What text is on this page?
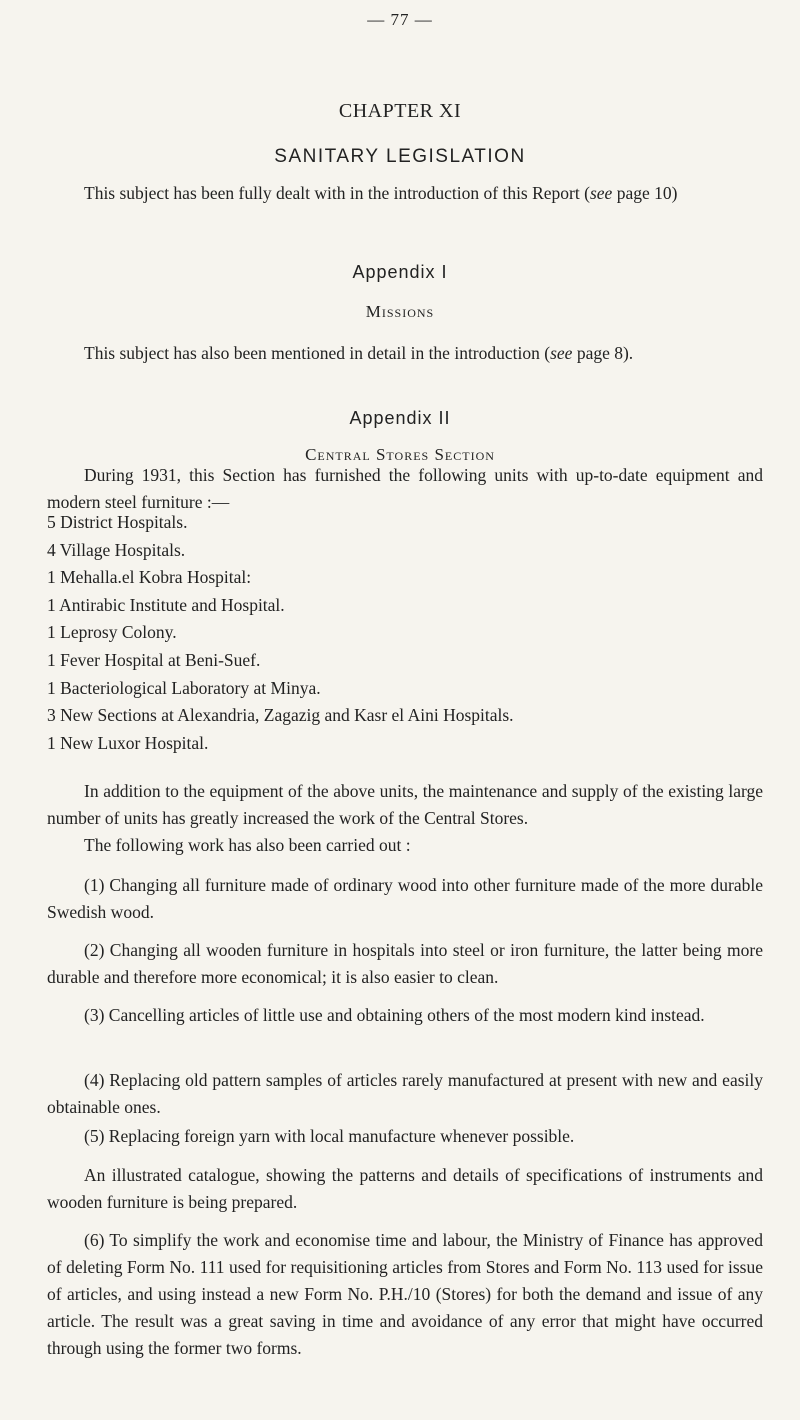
— 77 —
CHAPTER XI
SANITARY LEGISLATION

This subject has been fully dealt with in the introduction of this Report (see page 10)

Appendix I
Missions

This subject has also been mentioned in detail in the introduction (see page 8).

Appendix II
Central Stores Section

During 1931, this Section has furnished the following units with up-to-date equipment and modern steel furniture :—

5 District Hospitals.
4 Village Hospitals.
1 Mehalla.el Kobra Hospital:
1 Antirabic Institute and Hospital.
1 Leprosy Colony.
1 Fever Hospital at Beni-Suef.
1 Bacteriological Laboratory at Minya.
3 New Sections at Alexandria, Zagazig and Kasr el Aini Hospitals.
1 New Luxor Hospital.

In addition to the equipment of the above units, the maintenance and supply of the existing large number of units has greatly increased the work of the Central Stores.

The following work has also been carried out :

(1) Changing all furniture made of ordinary wood into other furniture made of the more durable Swedish wood.

(2) Changing all wooden furniture in hospitals into steel or iron furniture, the latter being more durable and therefore more economical; it is also easier to clean.

(3) Cancelling articles of little use and obtaining others of the most modern kind instead.

(4) Replacing old pattern samples of articles rarely manufactured at present with new and easily obtainable ones.

(5) Replacing foreign yarn with local manufacture whenever possible.

An illustrated catalogue, showing the patterns and details of specifications of instruments and wooden furniture is being prepared.

(6) To simplify the work and economise time and labour, the Ministry of Finance has approved of deleting Form No. 111 used for requisitioning articles from Stores and Form No. 113 used for issue of articles, and using instead a new Form No. P.H./10 (Stores) for both the demand and issue of any article. The result was a great saving in time and avoidance of any error that might have occurred through using the former two forms.
